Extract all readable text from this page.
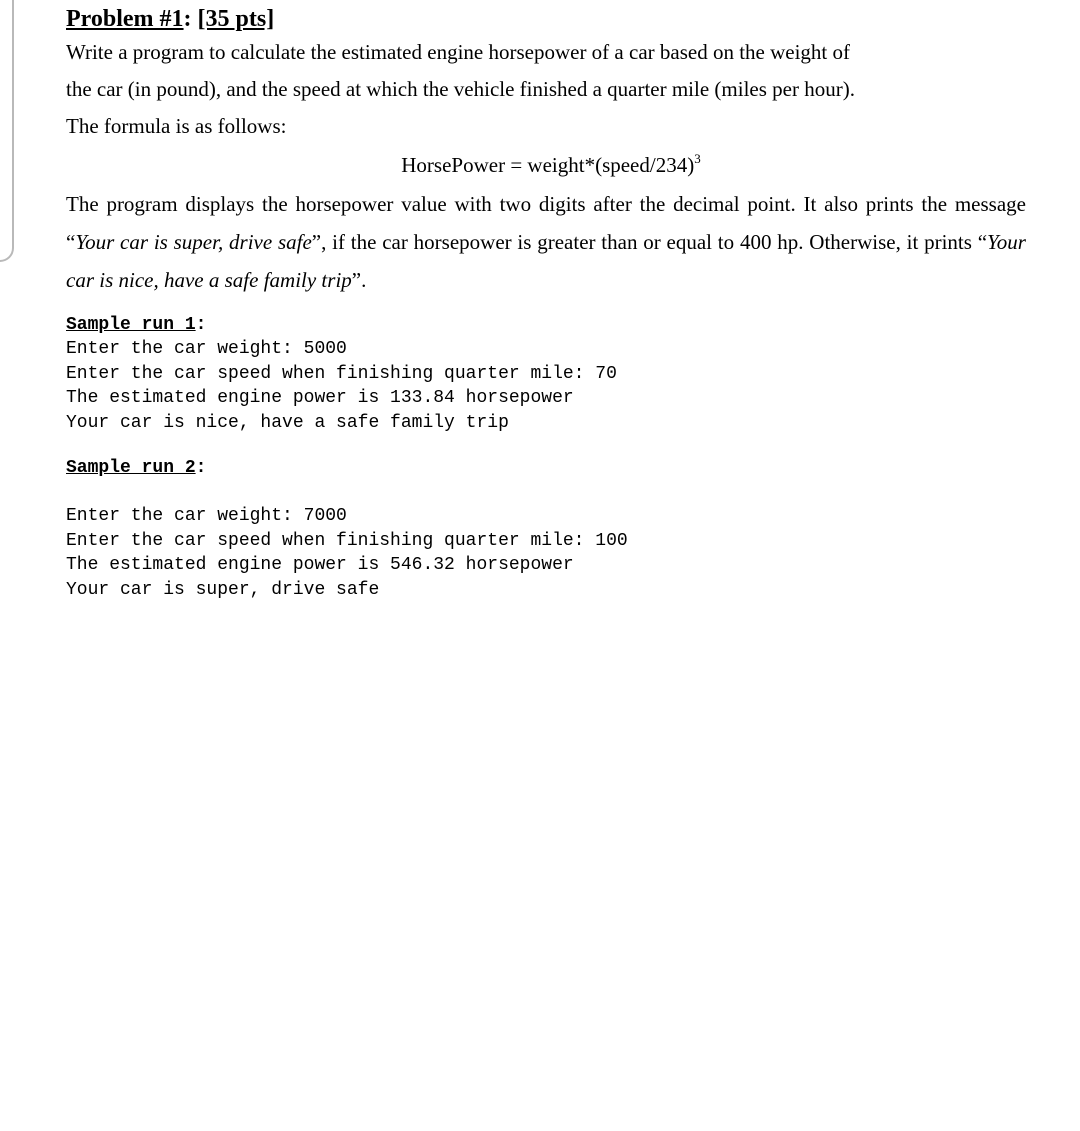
Problem #1: [35 pts]

Write a program to calculate the estimated engine horsepower of a car based on the weight of
the car (in pound), and the speed at which the vehicle finished a quarter mile (miles per hour).
The formula is as follows:

HorsePower = weight*(speed/234)$^3$

The program displays the horsepower value with two digits after the decimal point. It also prints the message “Your car is super, drive safe”, if the car horsepower is greater than or equal to 400 hp. Otherwise, it prints “Your car is nice, have a safe family trip”.

Sample run 1:

Enter the car weight: 5000
Enter the car speed when finishing quarter mile: 70
The estimated engine power is 133.84 horsepower
Your car is nice, have a safe family trip

Sample run 2:

Enter the car weight: 7000
Enter the car speed when finishing quarter mile: 100
The estimated engine power is 546.32 horsepower
Your car is super, drive safe
